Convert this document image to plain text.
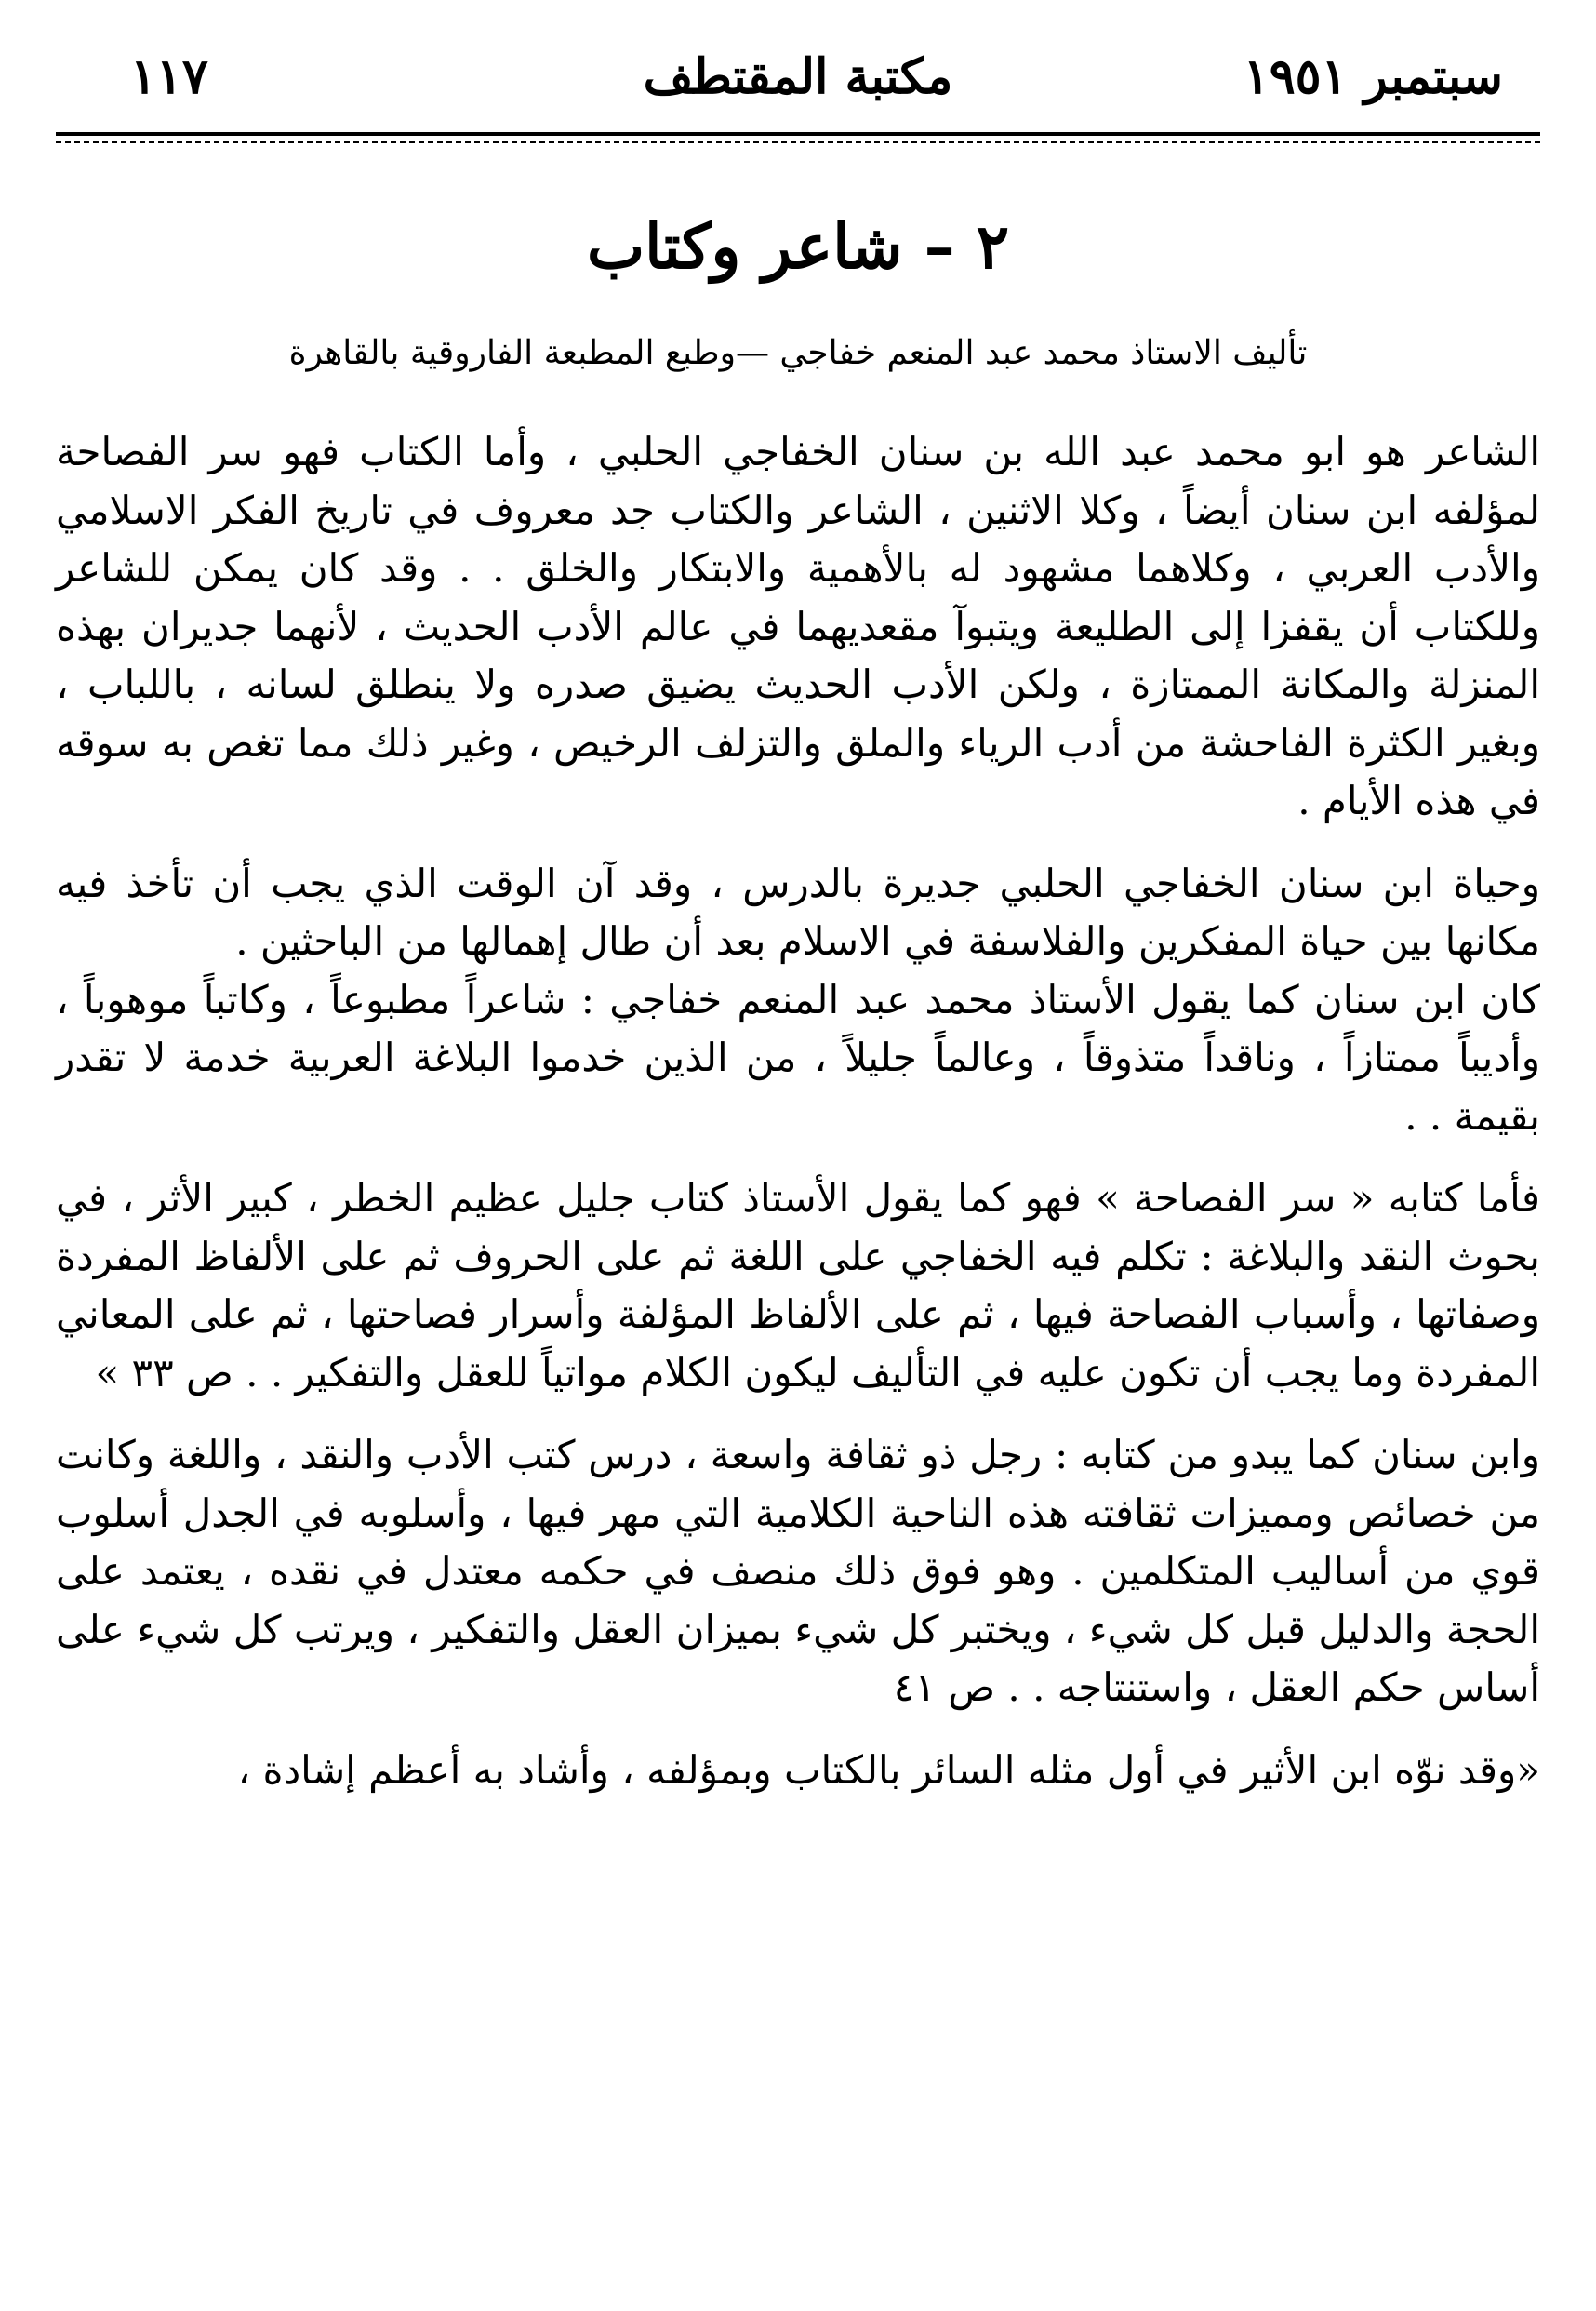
سبتمبر ١٩٥١
مكتبة المقتطف
١١٧
٢ – شاعر وكتاب
تأليف الاستاذ محمد عبد المنعم خفاجي —وطبع المطبعة الفاروقية بالقاهرة

الشاعر هو ابو محمد عبد الله بن سنان الخفاجي الحلبي ، وأما الكتاب فهو سر الفصاحة لمؤلفه ابن سنان أيضاً ، وكلا الاثنين ، الشاعر والكتاب جد معروف في تاريخ الفكر الاسلامي والأدب العربي ، وكلاهما مشهود له بالأهمية والابتكار والخلق . . وقد كان يمكن للشاعر وللكتاب أن يقفزا إلى الطليعة ويتبوآ مقعديهما في عالم الأدب الحديث ، لأنهما جديران بهذه المنزلة والمكانة الممتازة ، ولكن الأدب الحديث يضيق صدره ولا ينطلق لسانه ، باللباب ، وبغير الكثرة الفاحشة من أدب الرياء والملق والتزلف الرخيص ، وغير ذلك مما تغص به سوقه في هذه الأيام .

وحياة ابن سنان الخفاجي الحلبي جديرة بالدرس ، وقد آن الوقت الذي يجب أن تأخذ فيه مكانها بين حياة المفكرين والفلاسفة في الاسلام بعد أن طال إهمالها من الباحثين .

كان ابن سنان كما يقول الأستاذ محمد عبد المنعم خفاجي : شاعراً مطبوعاً ، وكاتباً موهوباً ، وأديباً ممتازاً ، وناقداً متذوقاً ، وعالماً جليلاً ، من الذين خدموا البلاغة العربية خدمة لا تقدر بقيمة . .

فأما كتابه « سر الفصاحة » فهو كما يقول الأستاذ كتاب جليل عظيم الخطر ، كبير الأثر ، في بحوث النقد والبلاغة : تكلم فيه الخفاجي على اللغة ثم على الحروف ثم على الألفاظ المفردة وصفاتها ، وأسباب الفصاحة فيها ، ثم على الألفاظ المؤلفة وأسرار فصاحتها ، ثم على المعاني المفردة وما يجب أن تكون عليه في التأليف ليكون الكلام مواتياً للعقل والتفكير . . ص ٣٣ »

وابن سنان كما يبدو من كتابه : رجل ذو ثقافة واسعة ، درس كتب الأدب والنقد ، واللغة وكانت من خصائص ومميزات ثقافته هذه الناحية الكلامية التي مهر فيها ، وأسلوبه في الجدل أسلوب قوي من أساليب المتكلمين . وهو فوق ذلك منصف في حكمه معتدل في نقده ، يعتمد على الحجة والدليل قبل كل شيء ، ويختبر كل شيء بميزان العقل والتفكير ، ويرتب كل شيء على أساس حكم العقل ، واستنتاجه . . ص ٤١

«وقد نوّه ابن الأثير في أول مثله السائر بالكتاب وبمؤلفه ، وأشاد به أعظم إشادة ،
